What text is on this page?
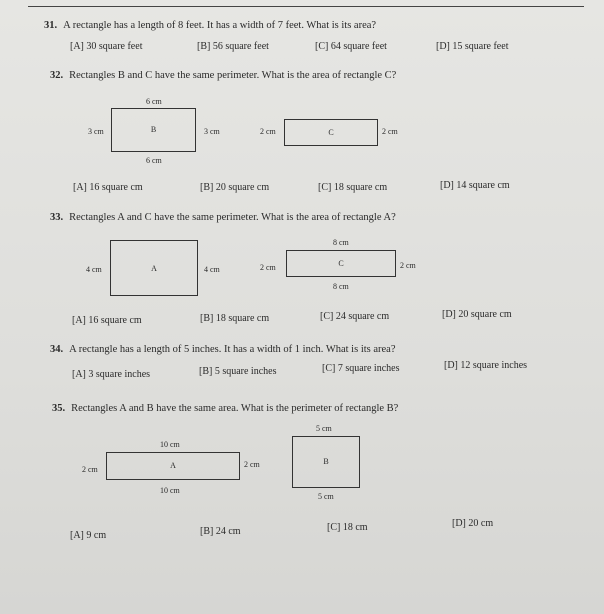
31. A rectangle has a length of 8 feet. It has a width of 7 feet. What is its area?
[A] 30 square feet	[B] 56 square feet	[C] 64 square feet	[D] 15 square feet
32. Rectangles B and C have the same perimeter. What is the area of rectangle C?
6 cm
3 cm	B	3 cm
6 cm
2 cm	C	2 cm
[A] 16 square cm	[B] 20 square cm	[C] 18 square cm	[D] 14 square cm
33. Rectangles A and C have the same perimeter. What is the area of rectangle A?
4 cm	A	4 cm
8 cm
2 cm	C	2 cm
8 cm
[A] 16 square cm	[B] 18 square cm	[C] 24 square cm	[D] 20 square cm
34. A rectangle has a length of 5 inches. It has a width of 1 inch. What is its area?
[A] 3 square inches	[B] 5 square inches	[C] 7 square inches	[D] 12 square inches
35. Rectangles A and B have the same area. What is the perimeter of rectangle B?
10 cm
2 cm	A	2 cm
10 cm
5 cm
B
5 cm
[A] 9 cm	[B] 24 cm	[C] 18 cm	[D] 20 cm
